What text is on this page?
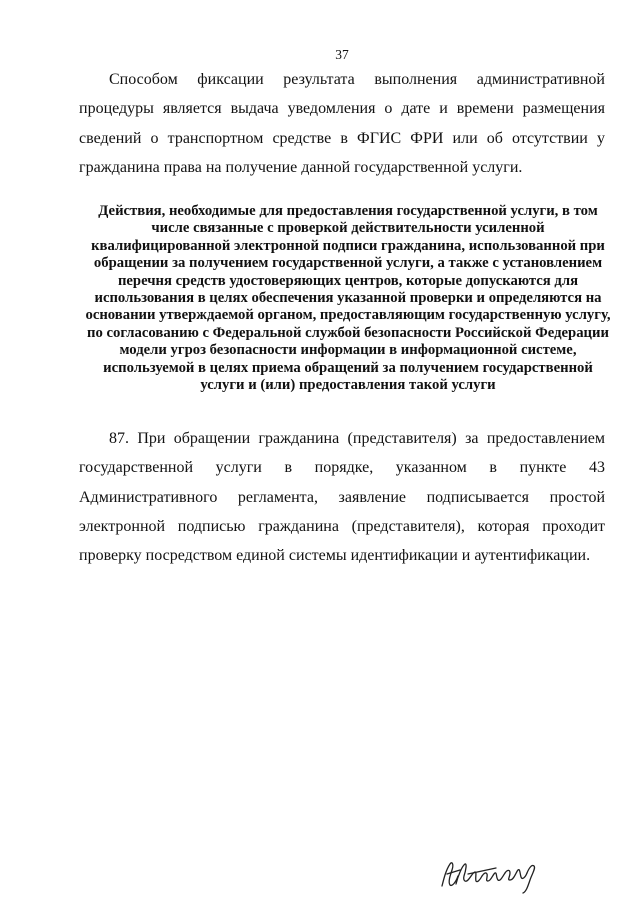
37

Способом фиксации результата выполнения административной процедуры является выдача уведомления о дате и времени размещения сведений о транспортном средстве в ФГИС ФРИ или об отсутствии у гражданина права на получение данной государственной услуги.

Действия, необходимые для предоставления государственной услуги, в том числе связанные с проверкой действительности усиленной квалифицированной электронной подписи гражданина, использованной при обращении за получением государственной услуги, а также с установлением перечня средств удостоверяющих центров, которые допускаются для использования в целях обеспечения указанной проверки и определяются на основании утверждаемой органом, предоставляющим государственную услугу, по согласованию с Федеральной службой безопасности Российской Федерации модели угроз безопасности информации в информационной системе, используемой в целях приема обращений за получением государственной услуги и (или) предоставления такой услуги

87. При обращении гражданина (представителя) за предоставлением государственной услуги в порядке, указанном в пункте 43 Административного регламента, заявление подписывается простой электронной подписью гражданина (представителя), которая проходит проверку посредством единой системы идентификации и аутентификации.
